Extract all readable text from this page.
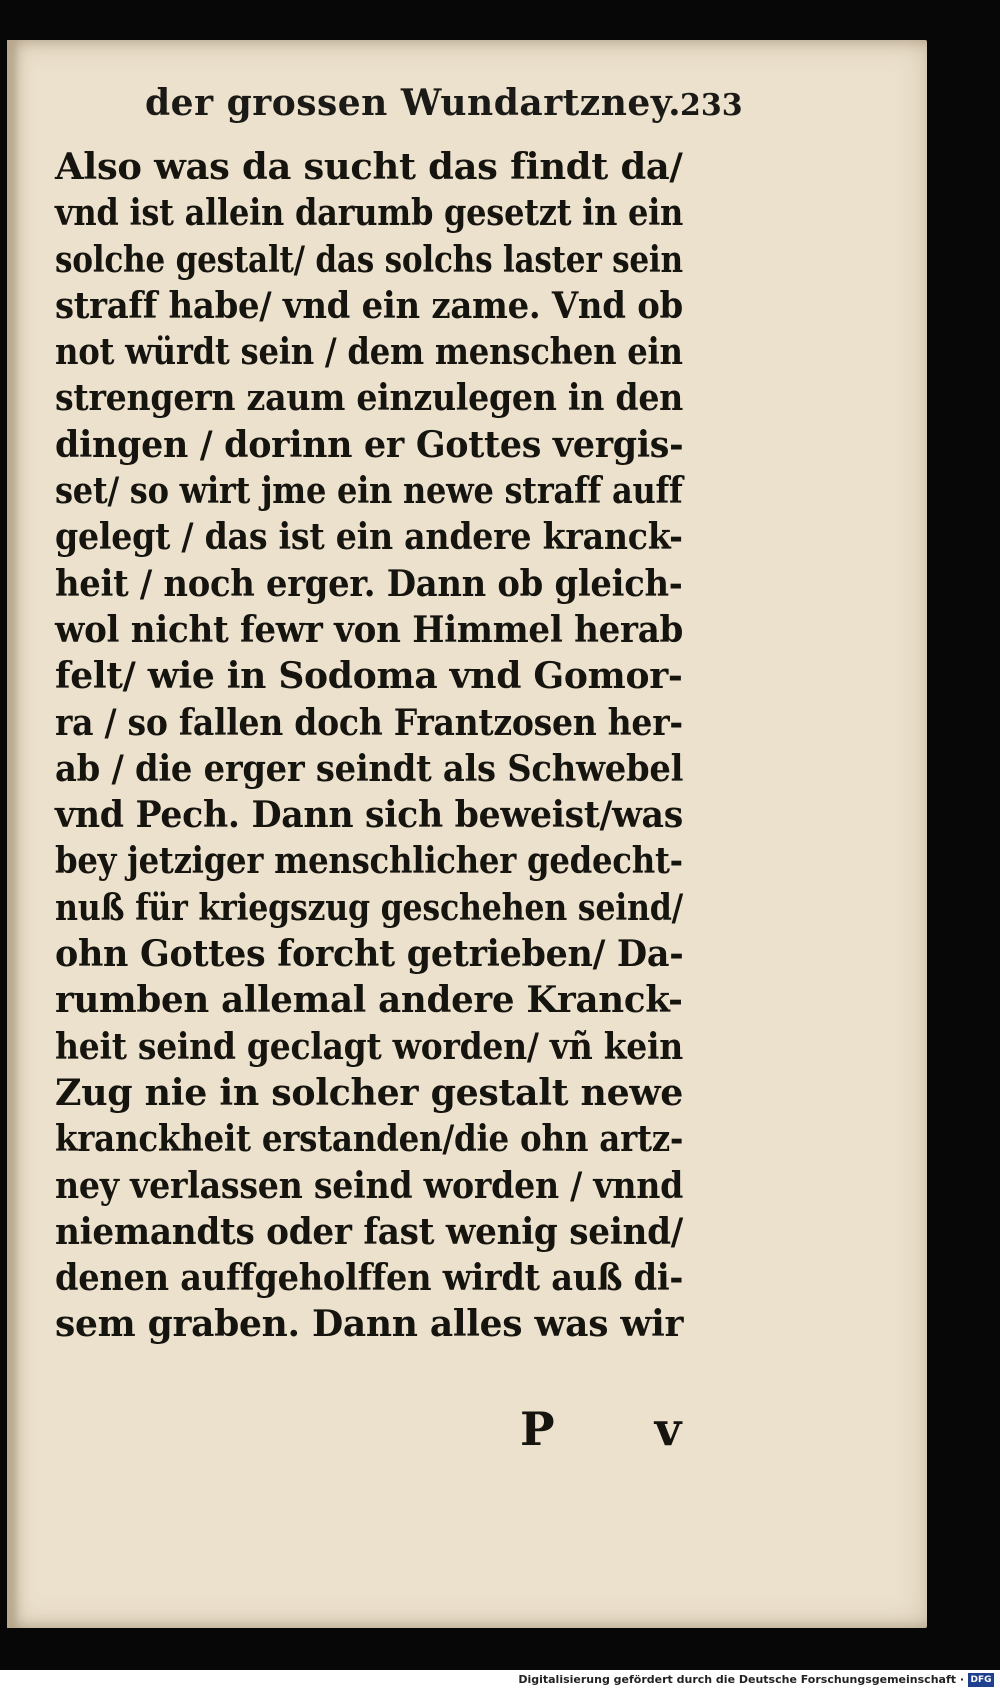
der grossen Wundartzney.
233
Also was da sucht das findt da/
vnd ist allein darumb gesetzt in ein
solche gestalt/ das solchs laster sein
straff habe/ vnd ein zame. Vnd ob
not würdt sein / dem menschen ein
strengern zaum einzulegen in den
dingen / dorinn er Gottes vergis-
set/ so wirt jme ein newe straff auff
gelegt / das ist ein andere kranck-
heit / noch erger. Dann ob gleich-
wol nicht fewr von Himmel herab
felt/ wie in Sodoma vnd Gomor-
ra / so fallen doch Frantzosen her-
ab / die erger seindt als Schwebel
vnd Pech. Dann sich beweist/was
bey jetziger menschlicher gedecht-
nuß für kriegszug geschehen seind/
ohn Gottes forcht getrieben/ Da-
rumben allemal andere Kranck-
heit seind geclagt worden/ vñ kein
Zug nie in solcher gestalt newe
kranckheit erstanden/die ohn artz-
ney verlassen seind worden / vnnd
niemandts oder fast wenig seind/
denen auffgeholffen wirdt auß di-
sem graben. Dann alles was wir
P v
Digitalisierung gefördert durch die Deutsche Forschungsgemeinschaft · DFG
